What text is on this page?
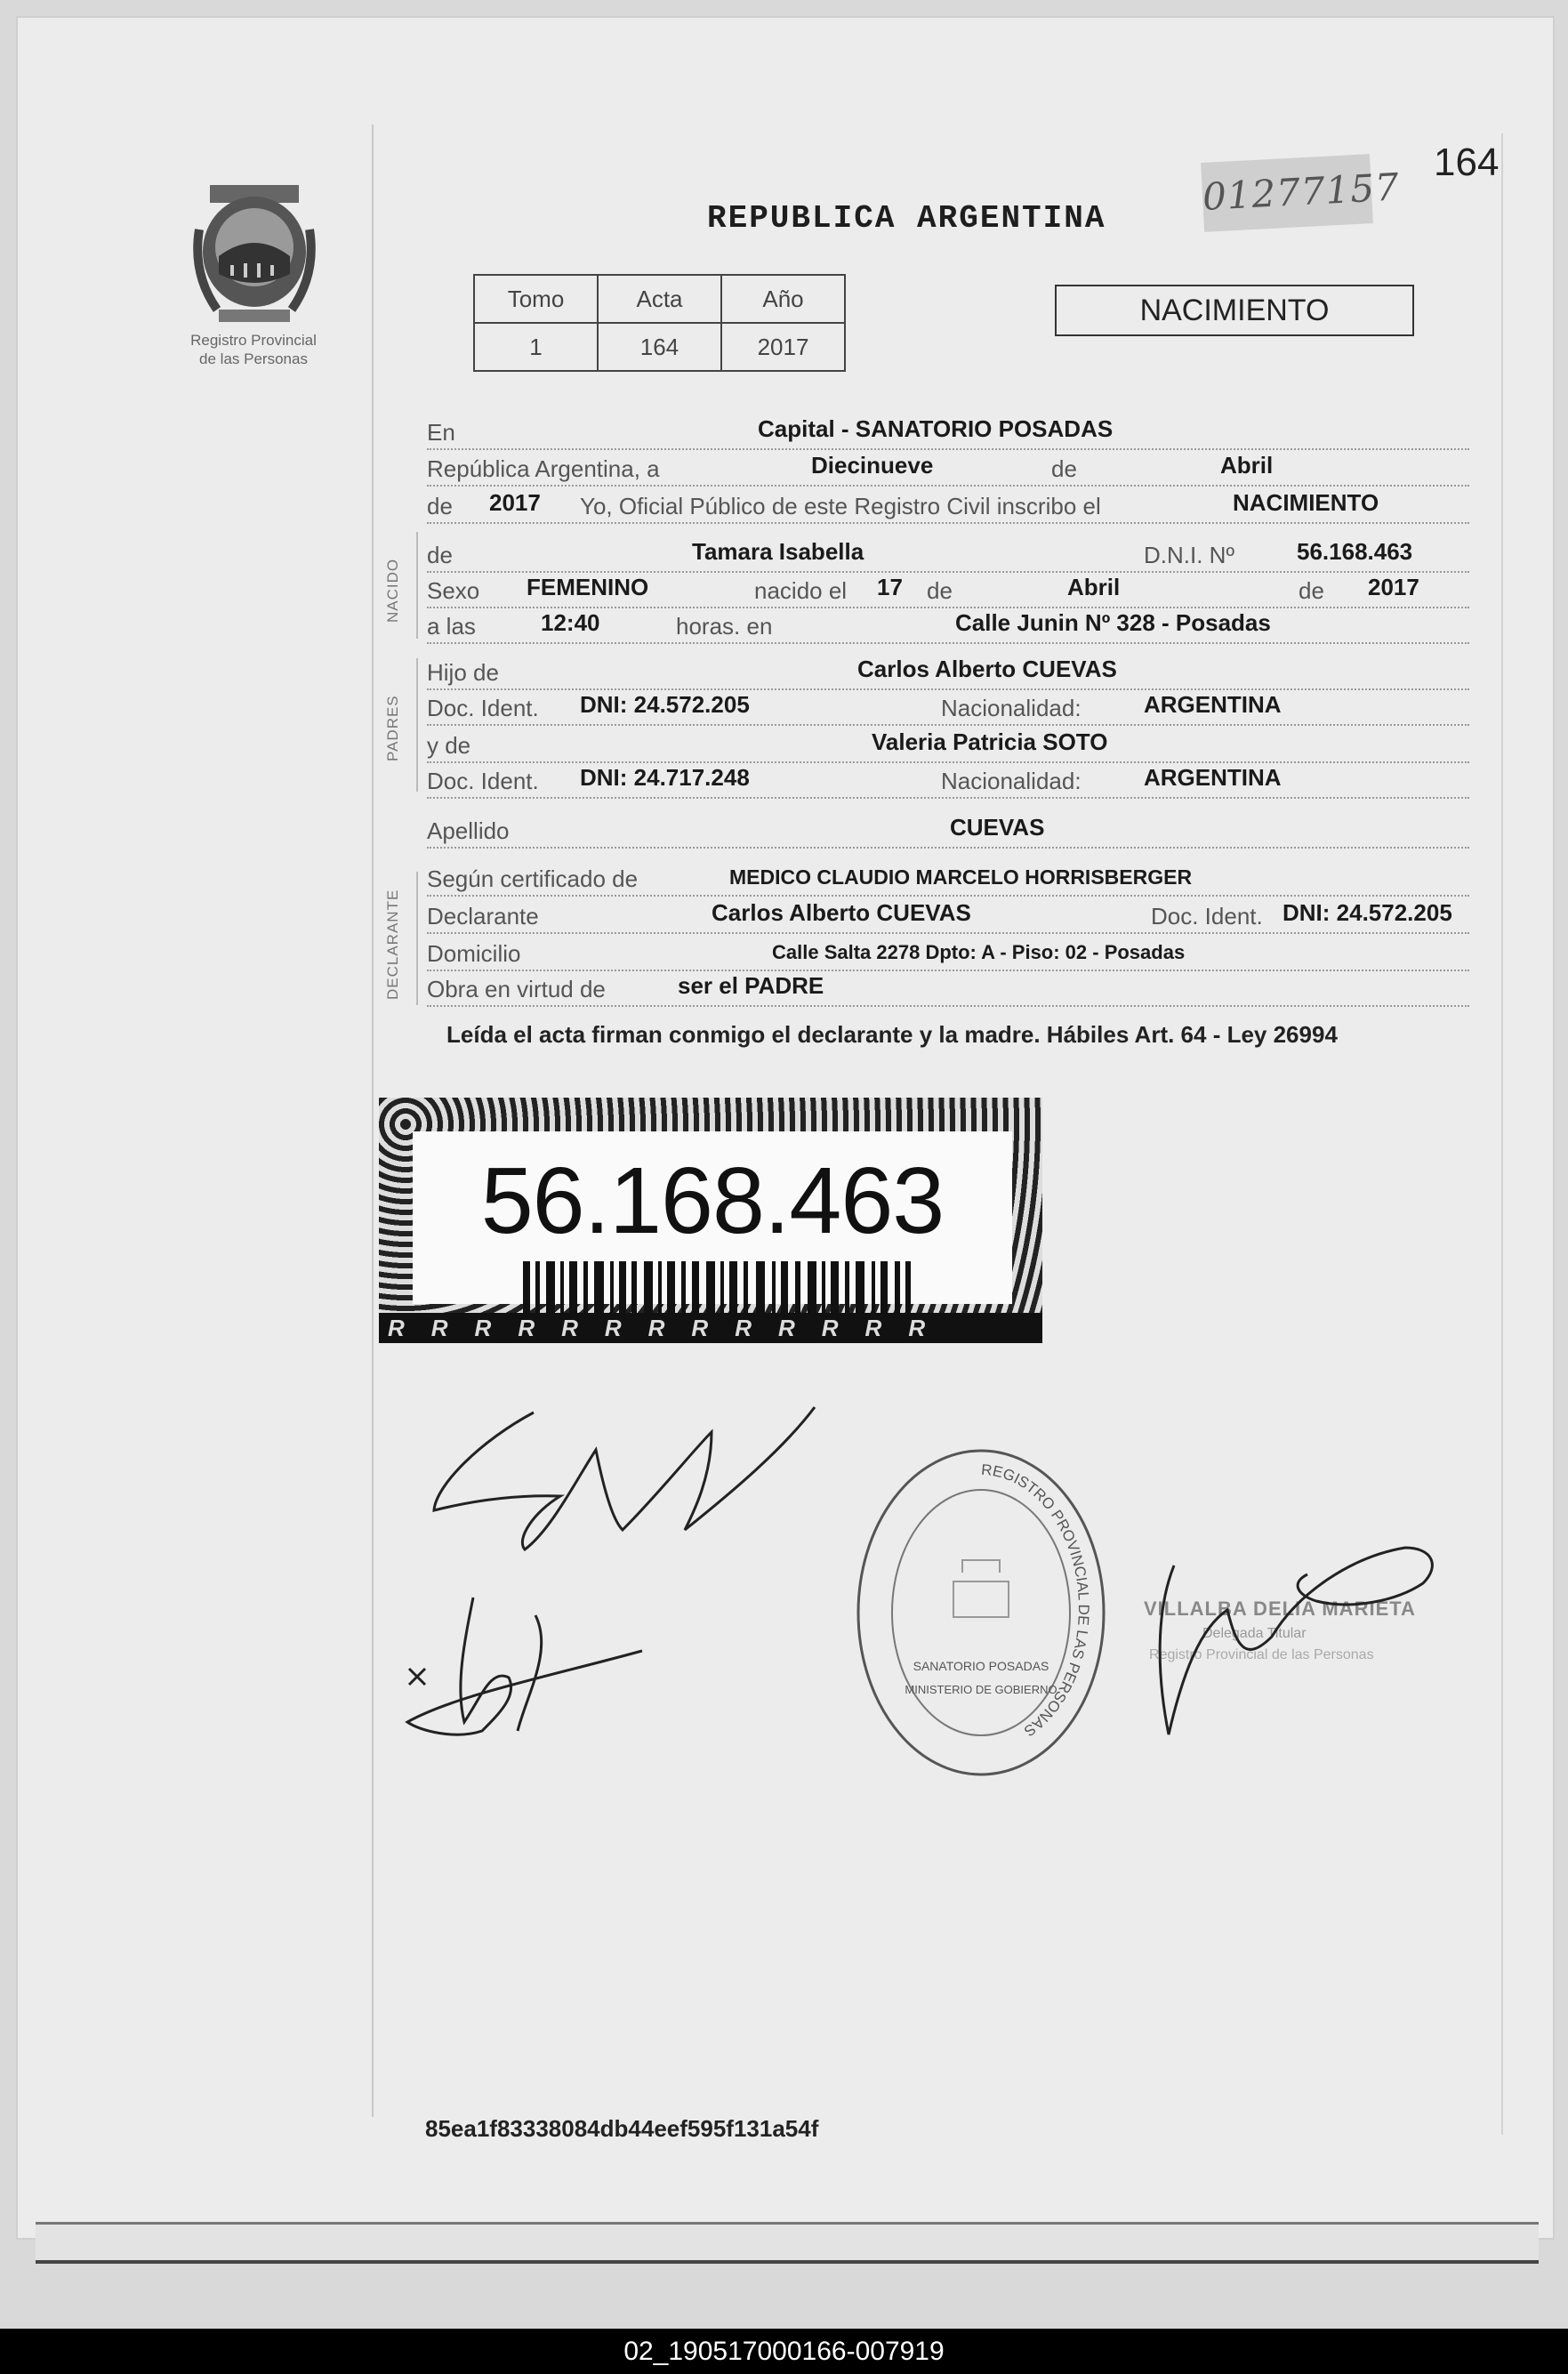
164
01277157
REPUBLICA ARGENTINA
Registro Provincial
de las Personas
Tomo	Acta	Año
1	164	2017
NACIMIENTO
En	Capital - SANATORIO POSADAS
República Argentina, a	Diecinueve	de	Abril
de 2017 Yo, Oficial Público de este Registro Civil inscribo el	NACIMIENTO
NACIDO
de	Tamara Isabella	D.N.I. Nº	56.168.463
Sexo FEMENINO	nacido el 17 de	Abril	de 2017
a las	12:40	horas. en	Calle Junin Nº 328 - Posadas
PADRES
Hijo de	Carlos Alberto CUEVAS
Doc. Ident. DNI: 24.572.205	Nacionalidad:	ARGENTINA
y de	Valeria Patricia SOTO
Doc. Ident. DNI: 24.717.248	Nacionalidad:	ARGENTINA
Apellido	CUEVAS
DECLARANTE
Según certificado de	MEDICO CLAUDIO MARCELO HORRISBERGER
Declarante	Carlos Alberto CUEVAS	Doc. Ident. DNI: 24.572.205
Domicilio	Calle Salta 2278 Dpto: A - Piso: 02 - Posadas
Obra en virtud de	ser el PADRE
Leída el acta firman conmigo el declarante y la madre. Hábiles Art. 64 - Ley 26994
56.168.463
RRRRRRRRRRRRR
REGISTRO PROVINCIAL DE LAS PERSONAS
SANATORIO POSADAS
MINISTERIO DE GOBIERNO
VILLALBA DELIA MARIETA
Delegada Titular
Registro Provincial de las Personas
85ea1f83338084db44eef595f131a54f
02_190517000166-007919
